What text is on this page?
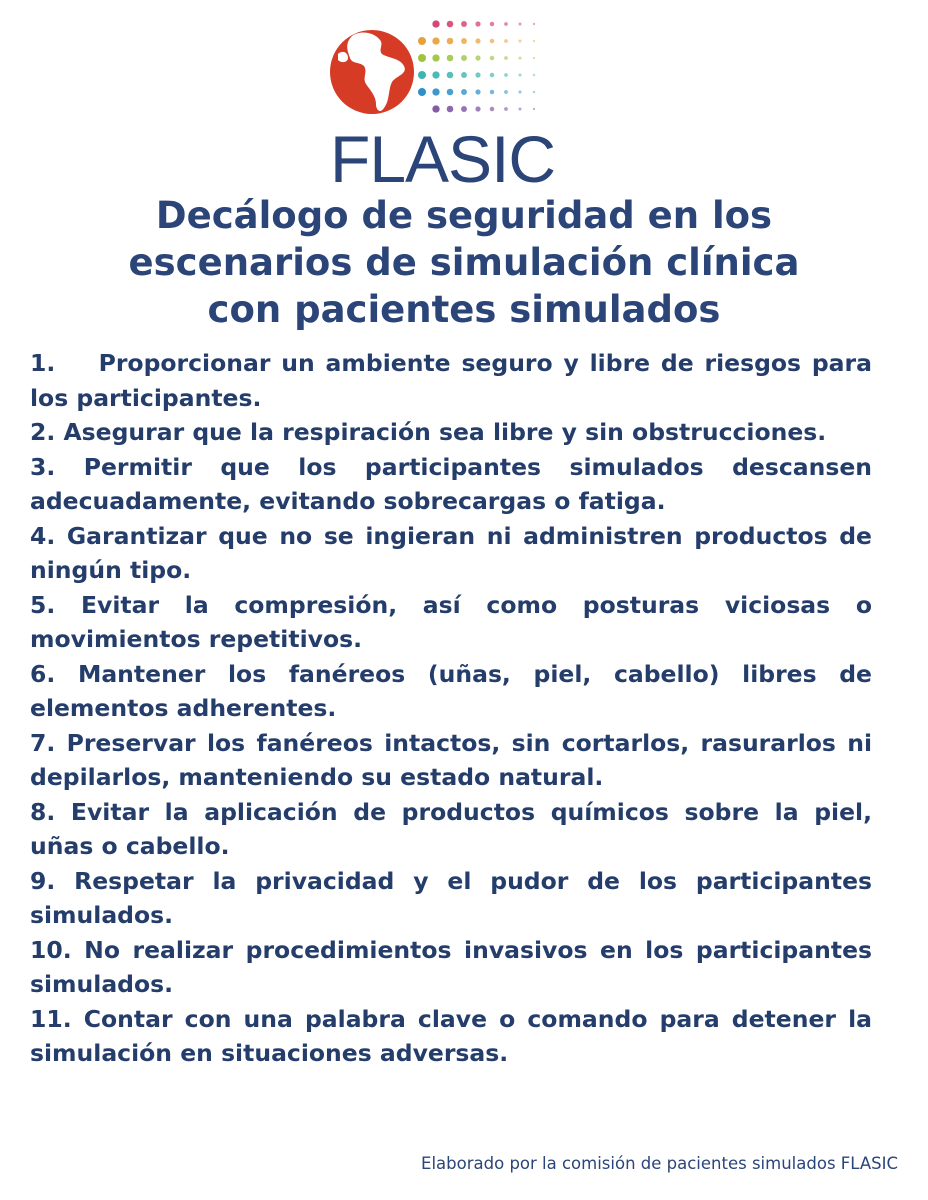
FLASIC
Decálogo de seguridad en los
escenarios de simulación clínica
con pacientes simulados
1. Proporcionar un ambiente seguro y libre de riesgos para los participantes.
2. Asegurar que la respiración sea libre y sin obstrucciones.
3. Permitir que los participantes simulados descansen adecuadamente, evitando sobrecargas o fatiga.
4. Garantizar que no se ingieran ni administren productos de ningún tipo.
5. Evitar la compresión, así como posturas viciosas o movimientos repetitivos.
6. Mantener los fanéreos (uñas, piel, cabello) libres de elementos adherentes.
7. Preservar los fanéreos intactos, sin cortarlos, rasurarlos ni depilarlos, manteniendo su estado natural.
8. Evitar la aplicación de productos químicos sobre la piel, uñas o cabello.
9. Respetar la privacidad y el pudor de los participantes simulados.
10. No realizar procedimientos invasivos en los participantes simulados.
11. Contar con una palabra clave o comando para detener la simulación en situaciones adversas.
Elaborado por la comisión de pacientes simulados FLASIC
